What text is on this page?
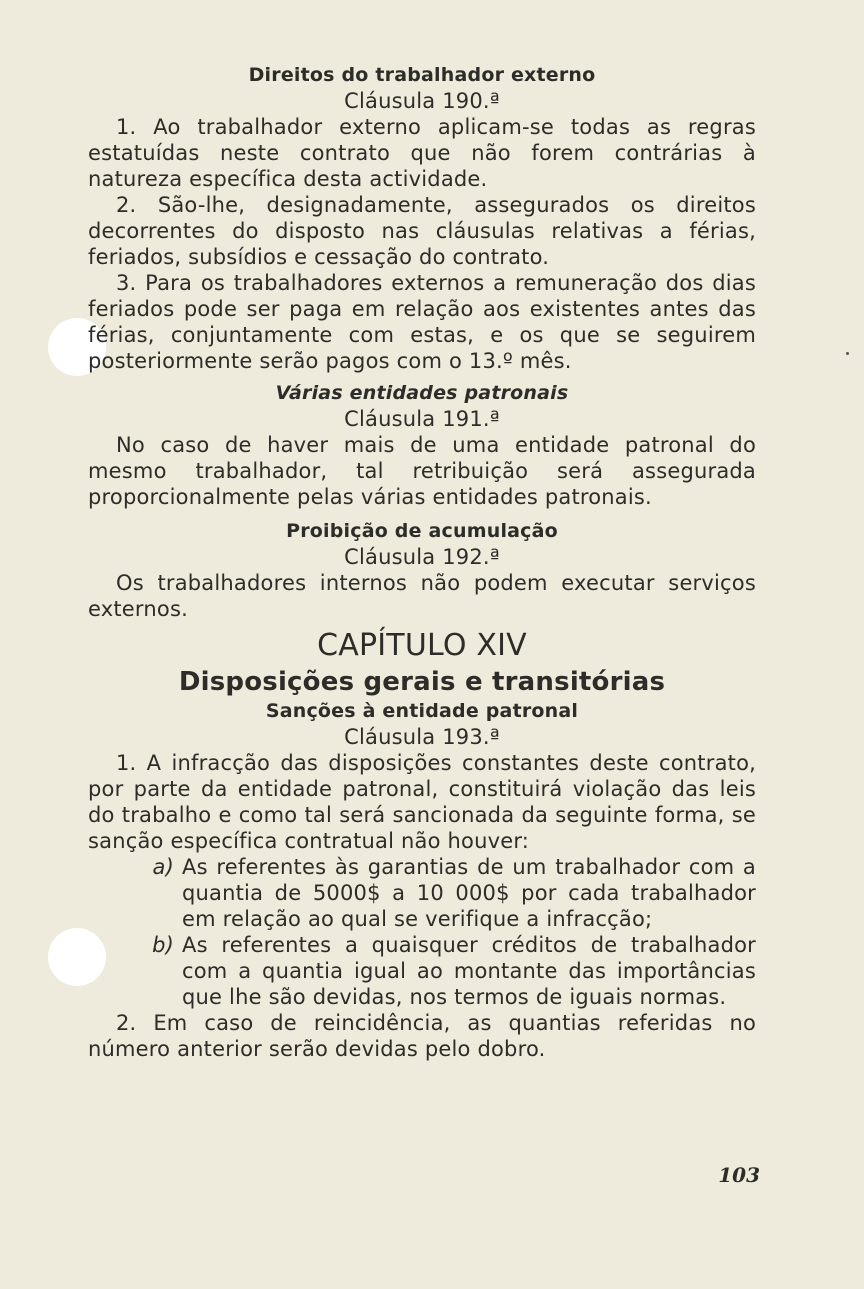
Direitos do trabalhador externo

Cláusula 190.ª

1. Ao trabalhador externo aplicam-se todas as regras estatuídas neste contrato que não forem contrárias à natureza específica desta actividade.

2. São-lhe, designadamente, assegurados os direitos decorrentes do disposto nas cláusulas relativas a férias, feriados, subsídios e cessação do contrato.

3. Para os trabalhadores externos a remuneração dos dias feriados pode ser paga em relação aos existentes antes das férias, conjuntamente com estas, e os que se seguirem posteriormente serão pagos com o 13.º mês.

Várias entidades patronais

Cláusula 191.ª

No caso de haver mais de uma entidade patronal do mesmo trabalhador, tal retribuição será assegurada proporcionalmente pelas várias entidades patronais.

Proibição de acumulação

Cláusula 192.ª

Os trabalhadores internos não podem executar serviços externos.

CAPÍTULO XIV

Disposições gerais e transitórias

Sanções à entidade patronal

Cláusula 193.ª

1. A infracção das disposições constantes deste contrato, por parte da entidade patronal, constituirá violação das leis do trabalho e como tal será sancionada da seguinte forma, se sanção específica contratual não houver:

a) As referentes às garantias de um trabalhador com a quantia de 5000$ a 10 000$ por cada trabalhador em relação ao qual se verifique a infracção;
b) As referentes a quaisquer créditos de trabalhador com a quantia igual ao montante das importâncias que lhe são devidas, nos termos de iguais normas.

2. Em caso de reincidência, as quantias referidas no número anterior serão devidas pelo dobro.

103
